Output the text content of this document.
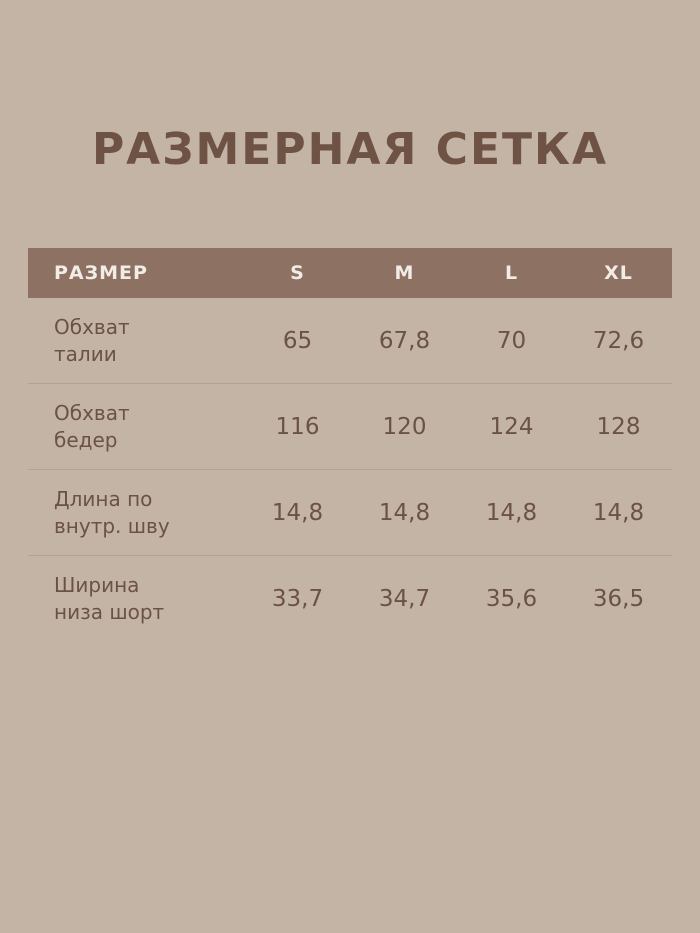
РАЗМЕРНАЯ СЕТКА
РАЗМЕР	S	M	L	XL

Обхват
талии	65	67,8	70	72,6

Обхват
бедер	116	120	124	128

Длина по
внутр. шву	14,8	14,8	14,8	14,8

Ширина
низа шорт	33,7	34,7	35,6	36,5
